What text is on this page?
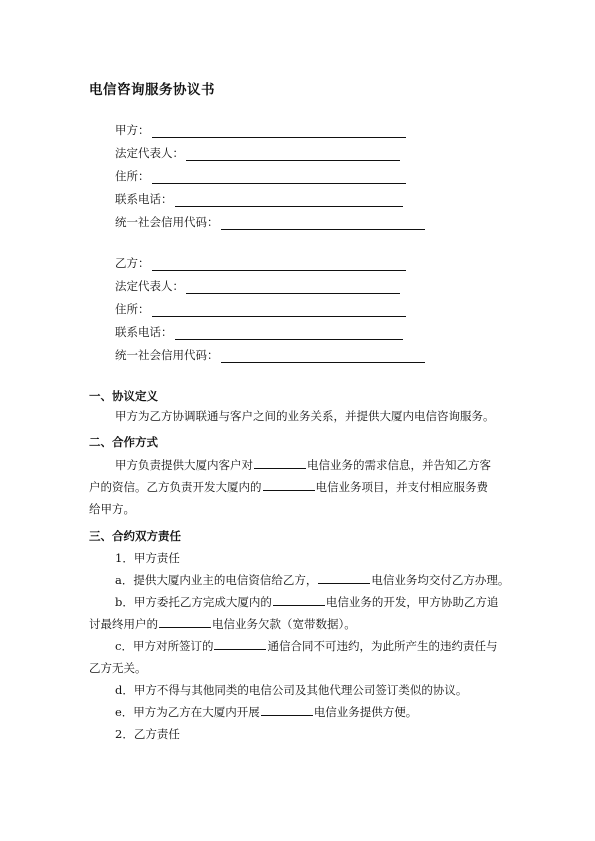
电信咨询服务协议书
甲方：
法定代表人：
住所：
联系电话：
统一社会信用代码：
乙方：
法定代表人：
住所：
联系电话：
统一社会信用代码：
一、协议定义
甲方为乙方协调联通与客户之间的业务关系，并提供大厦内电信咨询服务。
二、合作方式
甲方负责提供大厦内客户对	电信业务的需求信息，并告知乙方客
户的资信。乙方负责开发大厦内的	电信业务项目，并支付相应服务费
给甲方。
三、合约双方责任
1．甲方责任
a．提供大厦内业主的电信资信给乙方，	电信业务均交付乙方办理。
b．甲方委托乙方完成大厦内的	电信业务的开发，甲方协助乙方追
讨最终用户的	电信业务欠款（宽带数据）。
c．甲方对所签订的	通信合同不可违约，为此所产生的违约责任与
乙方无关。
d．甲方不得与其他同类的电信公司及其他代理公司签订类似的协议。
e．甲方为乙方在大厦内开展	电信业务提供方便。
2．乙方责任
